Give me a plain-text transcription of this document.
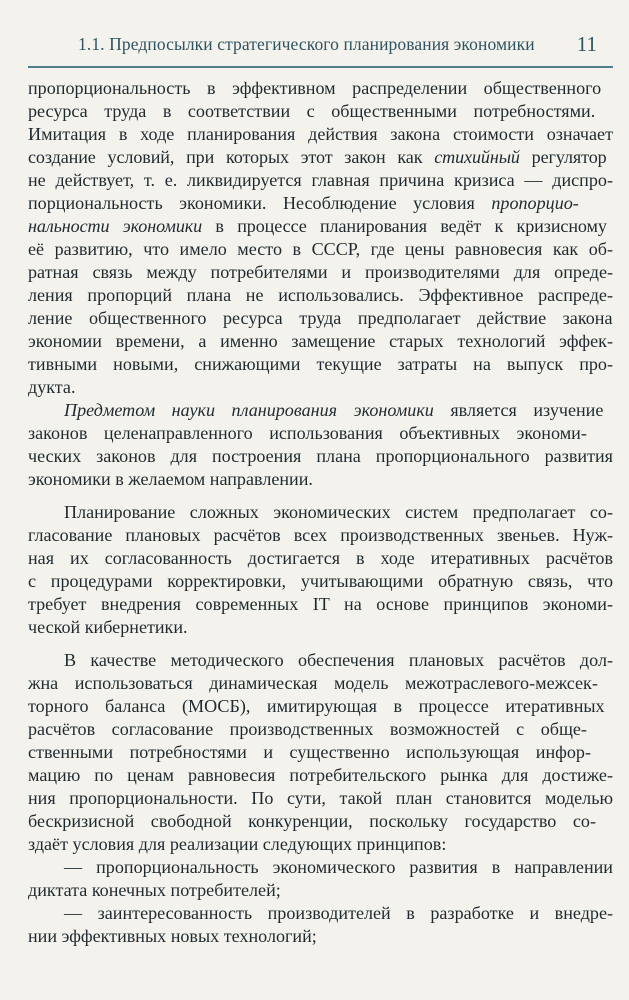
1.1. Предпосылки стратегического планирования экономики 11
пропорциональность в эффективном распределении общественного
ресурса труда в соответствии с общественными потребностями.
Имитация в ходе планирования действия закона стоимости означает
создание условий, при которых этот закон как стихийный регулятор
не действует, т. е. ликвидируется главная причина кризиса — диспро-
порциональность экономики. Несоблюдение условия пропорцио-
нальности экономики в процессе планирования ведёт к кризисному
её развитию, что имело место в СССР, где цены равновесия как об-
ратная связь между потребителями и производителями для опреде-
ления пропорций плана не использовались. Эффективное распреде-
ление общественного ресурса труда предполагает действие закона
экономии времени, а именно замещение старых технологий эффек-
тивными новыми, снижающими текущие затраты на выпуск про-
дукта.
Предметом науки планирования экономики является изучение
законов целенаправленного использования объективных экономи-
ческих законов для построения плана пропорционального развития
экономики в желаемом направлении.
Планирование сложных экономических систем предполагает со-
гласование плановых расчётов всех производственных звеньев. Нуж-
ная их согласованность достигается в ходе итеративных расчётов
с процедурами корректировки, учитывающими обратную связь, что
требует внедрения современных IT на основе принципов экономи-
ческой кибернетики.
В качестве методического обеспечения плановых расчётов дол-
жна использоваться динамическая модель межотраслевого-межсек-
торного баланса (МОСБ), имитирующая в процессе итеративных
расчётов согласование производственных возможностей с обще-
ственными потребностями и существенно использующая инфор-
мацию по ценам равновесия потребительского рынка для достиже-
ния пропорциональности. По сути, такой план становится моделью
бескризисной свободной конкуренции, поскольку государство со-
здаёт условия для реализации следующих принципов:
— пропорциональность экономического развития в направлении
диктата конечных потребителей;
— заинтересованность производителей в разработке и внедре-
нии эффективных новых технологий;
